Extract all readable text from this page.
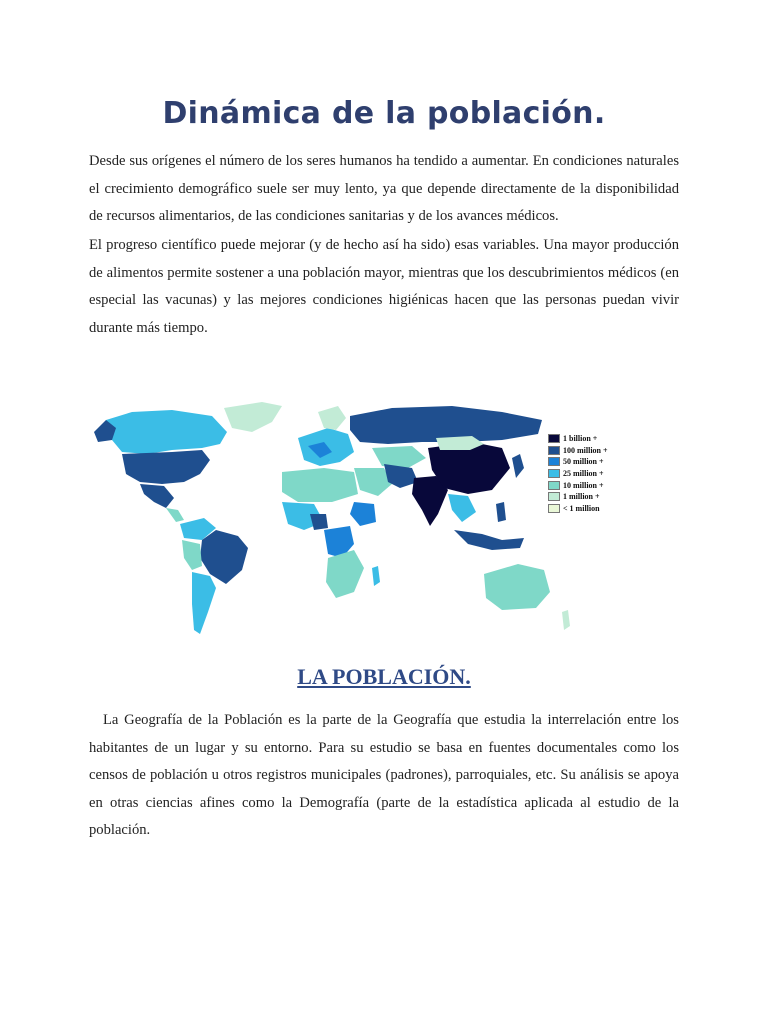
Dinámica de la población.

Desde sus orígenes el número de los seres humanos ha tendido a aumentar. En condiciones naturales el crecimiento demográfico suele ser muy lento, ya que depende directamente de la disponibilidad de recursos alimentarios, de las condiciones sanitarias y de los avances médicos.

El progreso científico puede mejorar (y de hecho así ha sido) esas variables. Una mayor producción de alimentos permite sostener a una población mayor, mientras que los descubrimientos médicos (en especial las vacunas) y las mejores condiciones higiénicas hacen que las personas puedan vivir durante más tiempo.

1 billion +
100 million +
50 million +
25 million +
10 million +
1 million +
< 1 million
LA POBLACIÓN.

La Geografía de la Población es la parte de la Geografía que estudia la interrelación entre los habitantes de un lugar y su entorno. Para su estudio se basa en fuentes documentales como los censos de población u otros registros municipales (padrones), parroquiales, etc. Su análisis se apoya en otras ciencias afines como la Demografía (parte de la estadística aplicada al estudio de la población.
